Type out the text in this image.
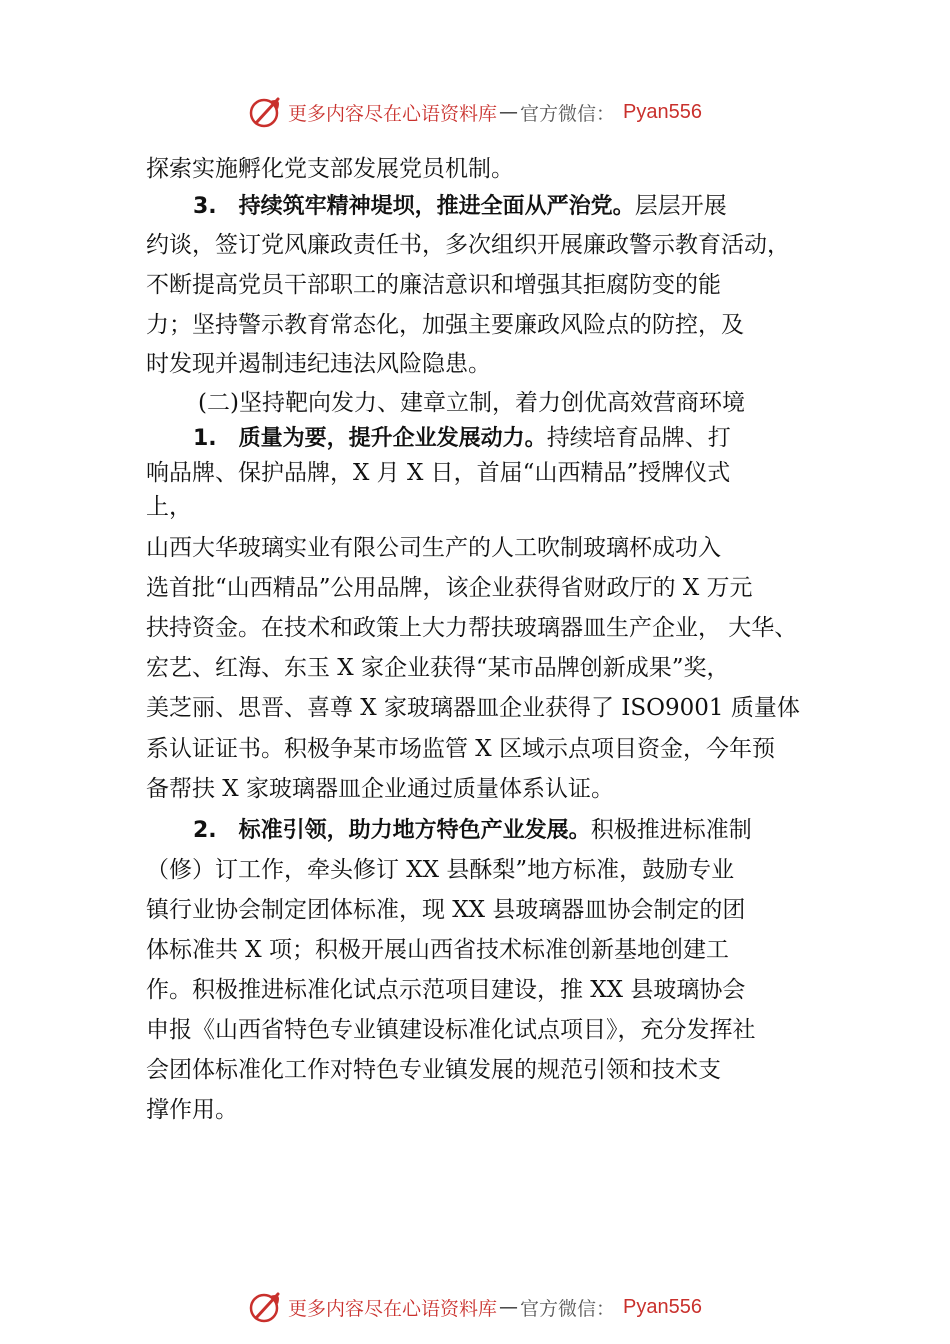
更多内容尽在心语资料库 — 官方微信： Pyan556
探索实施孵化党支部发展党员机制。
3. 持续筑牢精神堤坝，推进全面从严治党。层层开展
约谈，签订党风廉政责任书，多次组织开展廉政警示教育活动，
不断提高党员干部职工的廉洁意识和增强其拒腐防变的能
力；坚持警示教育常态化，加强主要廉政风险点的防控，及
时发现并遏制违纪违法风险隐患。
(二)坚持靶向发力、建章立制，着力创优高效营商环境
1. 质量为要，提升企业发展动力。持续培育品牌、打
响品牌、保护品牌，X 月 X 日，首届“山西精品”授牌仪式
上，
山西大华玻璃实业有限公司生产的人工吹制玻璃杯成功入
选首批“山西精品”公用品牌，该企业获得省财政厅的 X 万元
扶持资金。在技术和政策上大力帮扶玻璃器皿生产企业， 大华、
宏艺、红海、东玉 X 家企业获得“某市品牌创新成果”奖，
美芝丽、思晋、喜尊 X 家玻璃器皿企业获得了 ISO9001 质量体
系认证证书。积极争某市场监管 X 区域示点项目资金，今年预
备帮扶 X 家玻璃器皿企业通过质量体系认证。
2. 标准引领，助力地方特色产业发展。积极推进标准制
（修）订工作，牵头修订 XX 县酥梨”地方标准，鼓励专业
镇行业协会制定团体标准，现 XX 县玻璃器皿协会制定的团
体标准共 X 项；积极开展山西省技术标准创新基地创建工
作。积极推进标准化试点示范项目建设，推 XX 县玻璃协会
申报《山西省特色专业镇建设标准化试点项目》，充分发挥社
会团体标准化工作对特色专业镇发展的规范引领和技术支
撑作用。
更多内容尽在心语资料库 — 官方微信： Pyan556
